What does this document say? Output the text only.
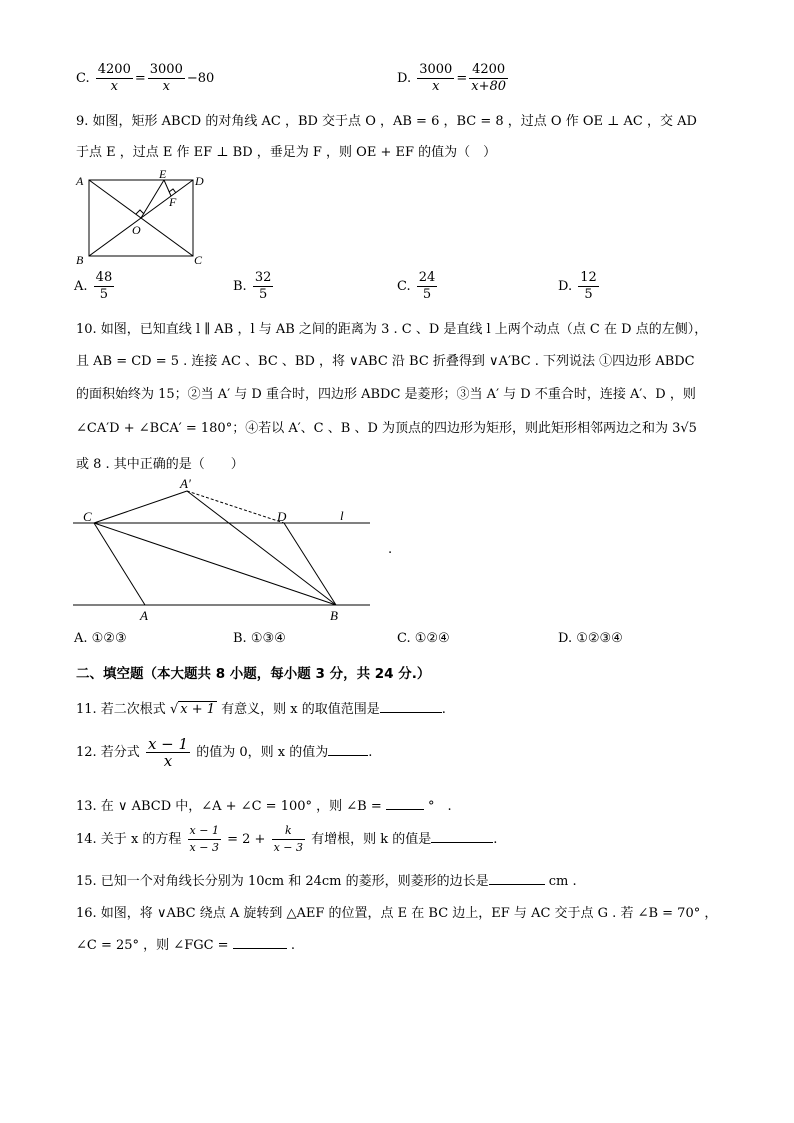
C. $\frac{4200}{x} = \frac{3000}{x} -80$	D. $\frac{3000}{x} = \frac{4200}{x+80}$
9. 如图，矩形 ABCD 的对角线 AC ，BD 交于点 O ，AB = 6 ，BC = 8 ，过点 O 作 OE ⊥ AC ，交 AD
于点 E ，过点 E 作 EF ⊥ BD ，垂足为 F ，则 OE + EF 的值为（　）
A
B	C
D
E
F
O
A. $\frac{48}{5}$	B. $\frac{32}{5}$	C. $\frac{24}{5}$	D. $\frac{12}{5}$
10. 如图，已知直线 l ∥ AB ，l 与 AB 之间的距离为 3 . C 、D 是直线 l 上两个动点（点 C 在 D 点的左侧），
且 AB = CD = 5 . 连接 AC 、BC 、BD ，将 ∨ABC 沿 BC 折叠得到 ∨A′BC . 下列说法 ①四边形 ABDC
的面积始终为 15；②当 A′ 与 D 重合时，四边形 ABDC 是菱形；③当 A′ 与 D 不重合时，连接 A′、D ，则
∠CA′D + ∠BCA′ = 180°；④若以 A′、C 、B 、D 为顶点的四边形为矩形，则此矩形相邻两边之和为 3√5
或 8 . 其中正确的是（　　）
A′
C	D	l
A	B
.
A. ①②③	B. ①③④	C. ①②④	D. ①②③④
二、填空题（本大题共 8 小题，每小题 3 分，共 24 分.）
11. 若二次根式 √ x + 1 有意义，则 x 的取值范围是	.
12. 若分式 $\frac{x - 1}{x}$ 的值为 0，则 x 的值为	.
13. 在 ∨ ABCD 中，∠A + ∠C = 100° ，则 ∠B =	°　.
14. 关于 x 的方程 $\frac{x - 1}{x - 3} = 2 + \frac{k}{x - 3}$ 有增根，则 k 的值是	.
15. 已知一个对角线长分别为 10cm 和 24cm 的菱形，则菱形的边长是	cm .
16. 如图，将 ∨ABC 绕点 A 旋转到 △AEF 的位置，点 E 在 BC 边上，EF 与 AC 交于点 G . 若 ∠B = 70° ，
∠C = 25° ，则 ∠FGC =	.
